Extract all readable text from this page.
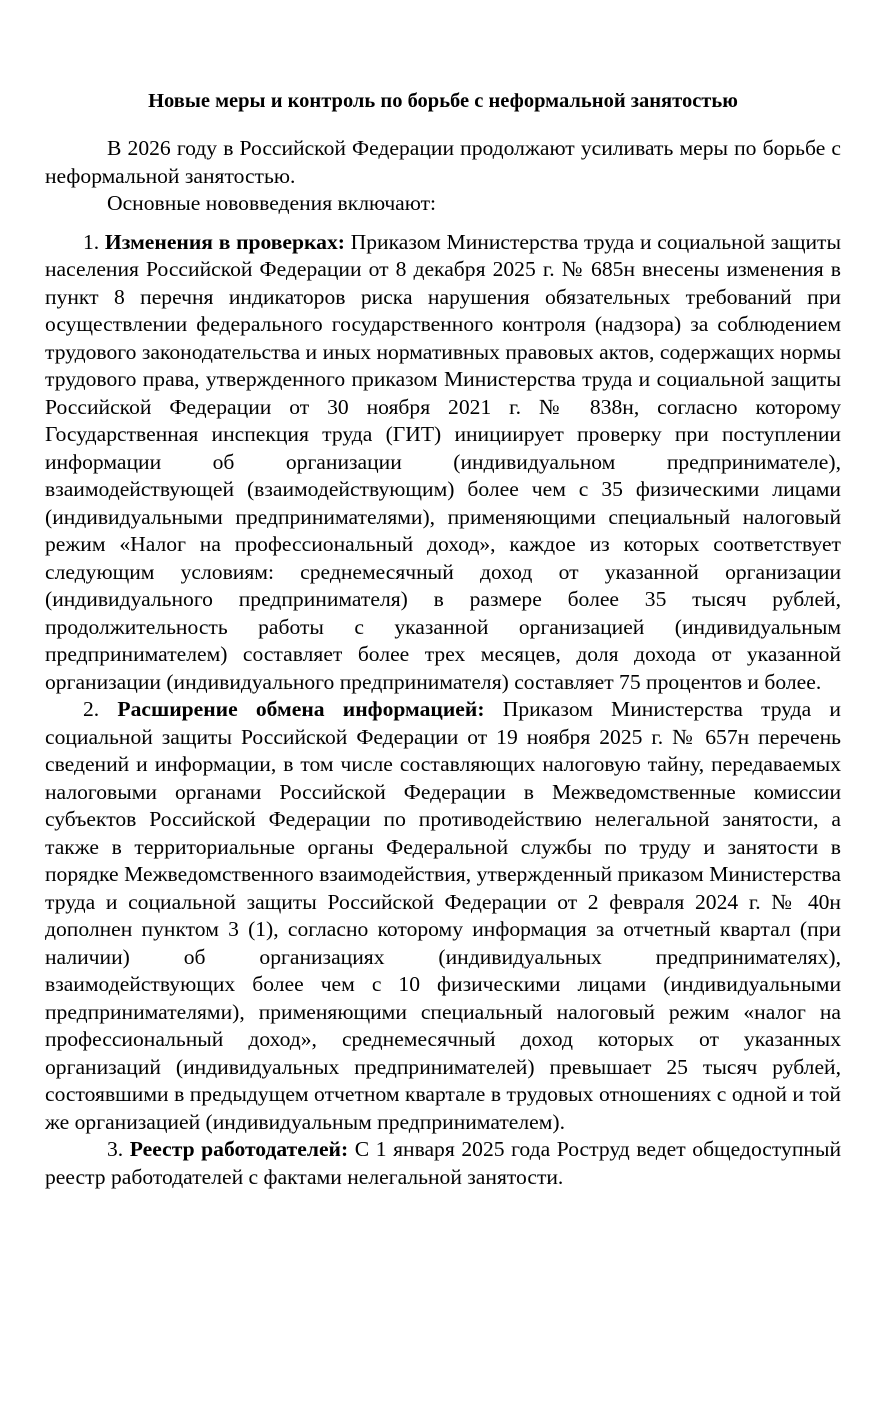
Новые меры и контроль по борьбе с неформальной занятостью

В 2026 году в Российской Федерации продолжают усиливать меры по борьбе с неформальной занятостью.

Основные нововведения включают:

1. Изменения в проверках: Приказом Министерства труда и социальной защиты населения Российской Федерации от 8 декабря 2025 г. № 685н внесены изменения в пункт 8 перечня индикаторов риска нарушения обязательных требований при осуществлении федерального государственного контроля (надзора) за соблюдением трудового законодательства и иных нормативных правовых актов, содержащих нормы трудового права, утвержденного приказом Министерства труда и социальной защиты Российской Федерации от 30 ноября 2021 г. № 838н, согласно которому Государственная инспекция труда (ГИТ) инициирует проверку при поступлении информации об организации (индивидуальном предпринимателе), взаимодействующей (взаимодействующим) более чем с 35 физическими лицами (индивидуальными предпринимателями), применяющими специальный налоговый режим «Налог на профессиональный доход», каждое из которых соответствует следующим условиям: среднемесячный доход от указанной организации (индивидуального предпринимателя) в размере более 35 тысяч рублей, продолжительность работы с указанной организацией (индивидуальным предпринимателем) составляет более трех месяцев, доля дохода от указанной организации (индивидуального предпринимателя) составляет 75 процентов и более.

2. Расширение обмена информацией: Приказом Министерства труда и социальной защиты Российской Федерации от 19 ноября 2025 г. № 657н перечень сведений и информации, в том числе составляющих налоговую тайну, передаваемых налоговыми органами Российской Федерации в Межведомственные комиссии субъектов Российской Федерации по противодействию нелегальной занятости, а также в территориальные органы Федеральной службы по труду и занятости в порядке Межведомственного взаимодействия, утвержденный приказом Министерства труда и социальной защиты Российской Федерации от 2 февраля 2024 г. № 40н дополнен пунктом 3 (1), согласно которому информация за отчетный квартал (при наличии) об организациях (индивидуальных предпринимателях), взаимодействующих более чем с 10 физическими лицами (индивидуальными предпринимателями), применяющими специальный налоговый режим «налог на профессиональный доход», среднемесячный доход которых от указанных организаций (индивидуальных предпринимателей) превышает 25 тысяч рублей, состоявшими в предыдущем отчетном квартале в трудовых отношениях с одной и той же организацией (индивидуальным предпринимателем).

3. Реестр работодателей: С 1 января 2025 года Роструд ведет общедоступный реестр работодателей с фактами нелегальной занятости.
